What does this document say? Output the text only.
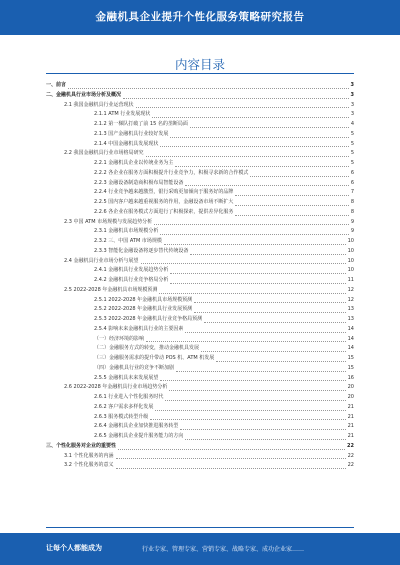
金融机具企业提升个性化服务策略研究报告
内容目录
一、前言	3
二、金融机具行业市场分析及概况	3
2.1 我国金融机具行业运营现状	3
2.1.1 ATM 行业发展现状	3
2.1.2 第一梯队打破了前 15 名的垄断局面	4
2.1.3 国产金融机具行业较好发展	5
2.1.4 中国金融机具发展现状	5
2.2 我国金融机具行业市场格局研究	5
2.2.1 金融机具企业以传统业务为主	5
2.2.2 各企业在服务方面积极提升行业竞争力，积极寻求新的合作模式	6
2.2.3 金融设备制造商积极布局智能设备	6
2.2.4 行业竞争越来越激烈，银行采购更加倾向于服务好的品牌	7
2.2.5 国内客户越来越重视服务的作用，金融设备市场不断扩大	8
2.2.6 各企业在服务模式方面进行了积极探索，提供差异化服务	8
2.3 中国 ATM 市场规模与发展趋势分析	9
2.3.1 金融机具市场规模分析	9
2.3.2 三、中国 ATM 市场规模	10
2.3.3 智能化金融设备将逐步替代传统设备	10
2.4 金融机具行业市场分析与展望	10
2.4.1 金融机具行业发展趋势分析	10
2.4.2 金融机具行业竞争格局分析	11
2.5 2022-2028 年金融机具市场规模预测	12
2.5.1 2022-2028 年金融机具市场规模预测	12
2.5.2 2022-2028 年金融机具行业发展预测	13
2.5.3 2022-2028 年金融机具行业竞争格局预测	13
2.5.4 影响未来金融机具行业的主要因素	14
（一）经济环境的影响	14
（二）金融服务方式的转变，推动金融机具发展	14
（三）金融服务需求的提升带动 POS 机、ATM 机发展	15
（四）金融机具行业的竞争不断加剧	15
2.5.5 金融机具未来发展展望	16
2.6 2022-2028 年金融机具行业市场趋势分析	20
2.6.1 行业进入个性化服务时代	20
2.6.2 客户需求多样化发展	21
2.6.3 服务模式转型升级	21
2.6.4 金融机具企业加快推进服务转型	21
2.6.5 金融机具企业提升服务能力的方向	21
三、个性化服务对企业的重要性	22
3.1 个性化服务的内涵	22
3.2 个性化服务的意义	22
让每个人都能成为	行业专家、管理专家、营销专家、战略专家、成功企业家……
